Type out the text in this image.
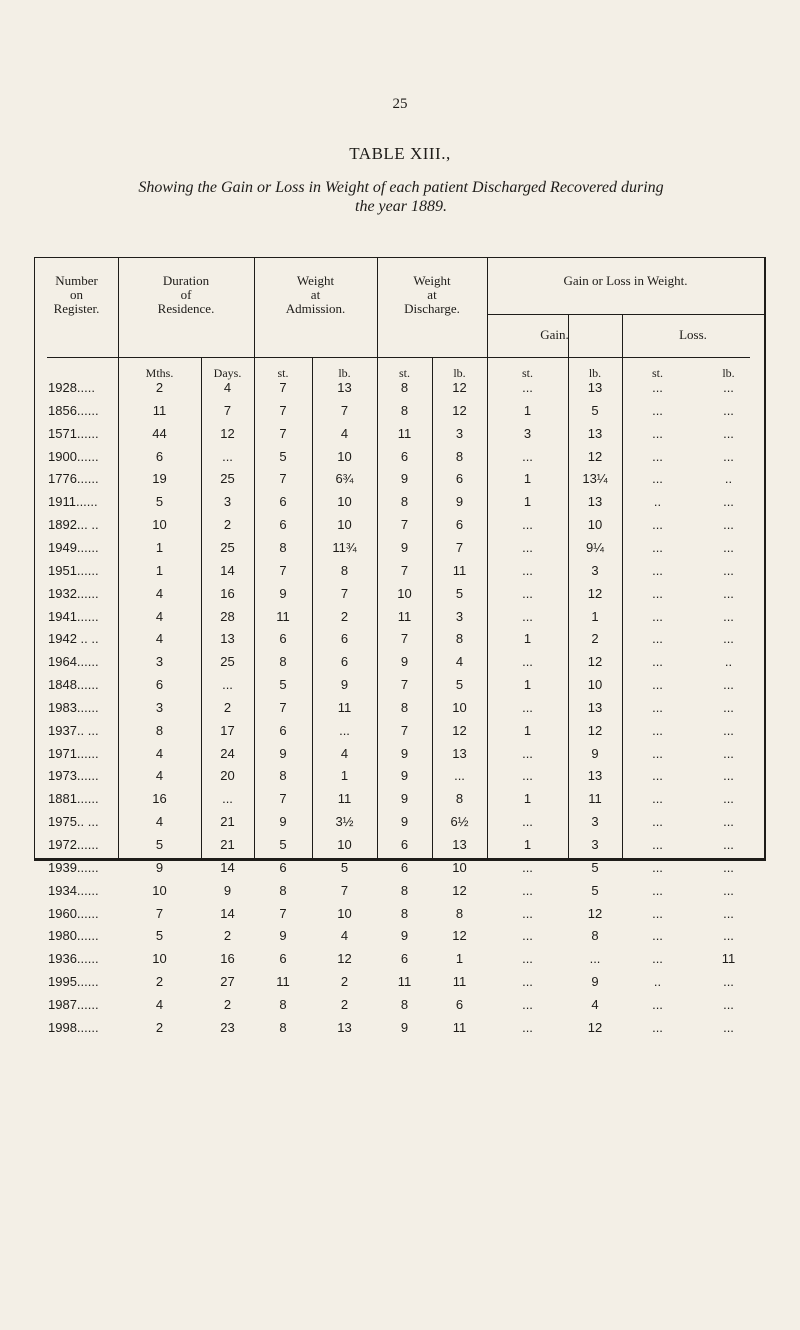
25
TABLE XIII.,
Showing the Gain or Loss in Weight of each patient Discharged Recovered during
the year 1889.
Number
on
Register.
Duration
of
Residence.
Weight
at
Admission.
Weight
at
Discharge.
Gain or Loss in Weight.
Gain.	Loss.
Mths.	Days.	st.	lb.	st.	lb.	st.	lb.	st.	lb.
1928.....	2	4	7	13	8	12	...	13	...	...
1856......	11	7	7	7	8	12	1	5	...	...
1571......	44	12	7	4	11	3	3	13	...	...
1900......	6	...	5	10	6	8	...	12	...	...
1776......	19	25	7	6¾	9	6	1	13¼	...	..
1911......	5	3	6	10	8	9	1	13	..	...
1892... ..	10	2	6	10	7	6	...	10	...	...
1949......	1	25	8	11¾	9	7	...	9¼	...	...
1951......	1	14	7	8	7	11	...	3	...	...
1932......	4	16	9	7	10	5	...	12	...	...
1941......	4	28	11	2	11	3	...	1	...	...
1942 .. ..	4	13	6	6	7	8	1	2	...	...
1964......	3	25	8	6	9	4	...	12	...	..
1848......	6	...	5	9	7	5	1	10	...	...
1983......	3	2	7	11	8	10	...	13	...	...
1937.. ...	8	17	6	...	7	12	1	12	...	...
1971......	4	24	9	4	9	13	...	9	...	...
1973......	4	20	8	1	9	...	...	13	...	...
1881......	16	...	7	11	9	8	1	11	...	...
1975.. ...	4	21	9	3½	9	6½	...	3	...	...
1972......	5	21	5	10	6	13	1	3	...	...
1939......	9	14	6	5	6	10	...	5	...	...
1934......	10	9	8	7	8	12	...	5	...	...
1960......	7	14	7	10	8	8	...	12	...	...
1980......	5	2	9	4	9	12	...	8	...	...
1936......	10	16	6	12	6	1	...	...	...	11
1995......	2	27	11	2	11	11	...	9	..	...
1987......	4	2	8	2	8	6	...	4	...	...
1998......	2	23	8	13	9	11	...	12	...	...
